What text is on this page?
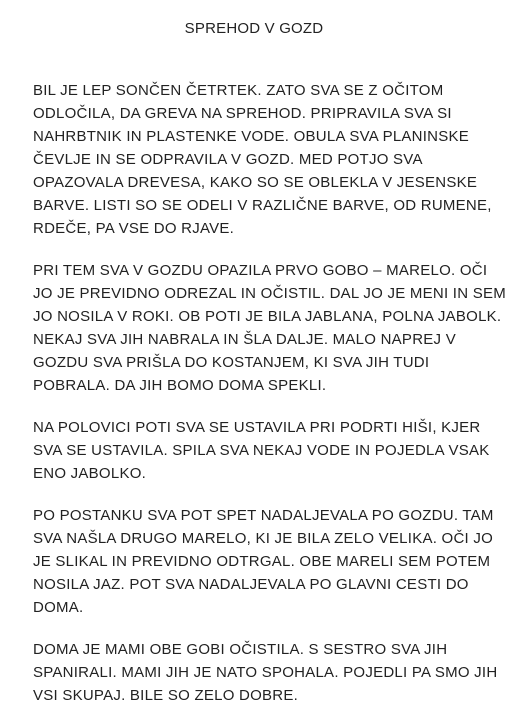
SPREHOD V GOZD
BIL JE LEP SONČEN ČETRTEK. ZATO SVA SE Z OČITOM
ODLOČILA, DA GREVA NA SPREHOD. PRIPRAVILA SVA SI
NAHRBTNIK IN PLASTENKE VODE. OBULA SVA PLANINSKE
ČEVLJE IN SE ODPRAVILA V GOZD. MED POTJO SVA
OPAZOVALA DREVESA, KAKO SO SE OBLEKLA V JESENSKE
BARVE. LISTI SO SE ODELI V RAZLIČNE BARVE, OD RUMENE,
RDEČE, PA VSE DO RJAVE.
PRI TEM SVA V GOZDU OPAZILA PRVO GOBO – MARELO. OČI
JO JE PREVIDNO ODREZAL IN OČISTIL. DAL JO JE MENI IN SEM
JO NOSILA V ROKI. OB POTI JE BILA JABLANA, POLNA JABOLK.
NEKAJ SVA JIH NABRALA IN ŠLA DALJE. MALO NAPREJ V
GOZDU SVA PRIŠLA DO KOSTANJEM, KI SVA JIH TUDI
POBRALA. DA JIH BOMO DOMA SPEKLI.
NA POLOVICI POTI SVA SE USTAVILA PRI PODRTI HIŠI, KJER
SVA SE USTAVILA. SPILA SVA NEKAJ VODE IN POJEDLA VSAK
ENO JABOLKO.
PO POSTANKU SVA POT SPET NADALJEVALA PO GOZDU. TAM
SVA NAŠLA DRUGO MARELO, KI JE BILA ZELO VELIKA. OČI JO
JE SLIKAL IN PREVIDNO ODTRGAL. OBE MARELI SEM POTEM
NOSILA JAZ. POT SVA NADALJEVALA PO GLAVNI CESTI DO
DOMA.
DOMA JE MAMI OBE GOBI OČISTILA. S SESTRO SVA JIH
SPANIRALI. MAMI JIH JE NATO SPOHALA. POJEDLI PA SMO JIH
VSI SKUPAJ. BILE SO ZELO DOBRE.
